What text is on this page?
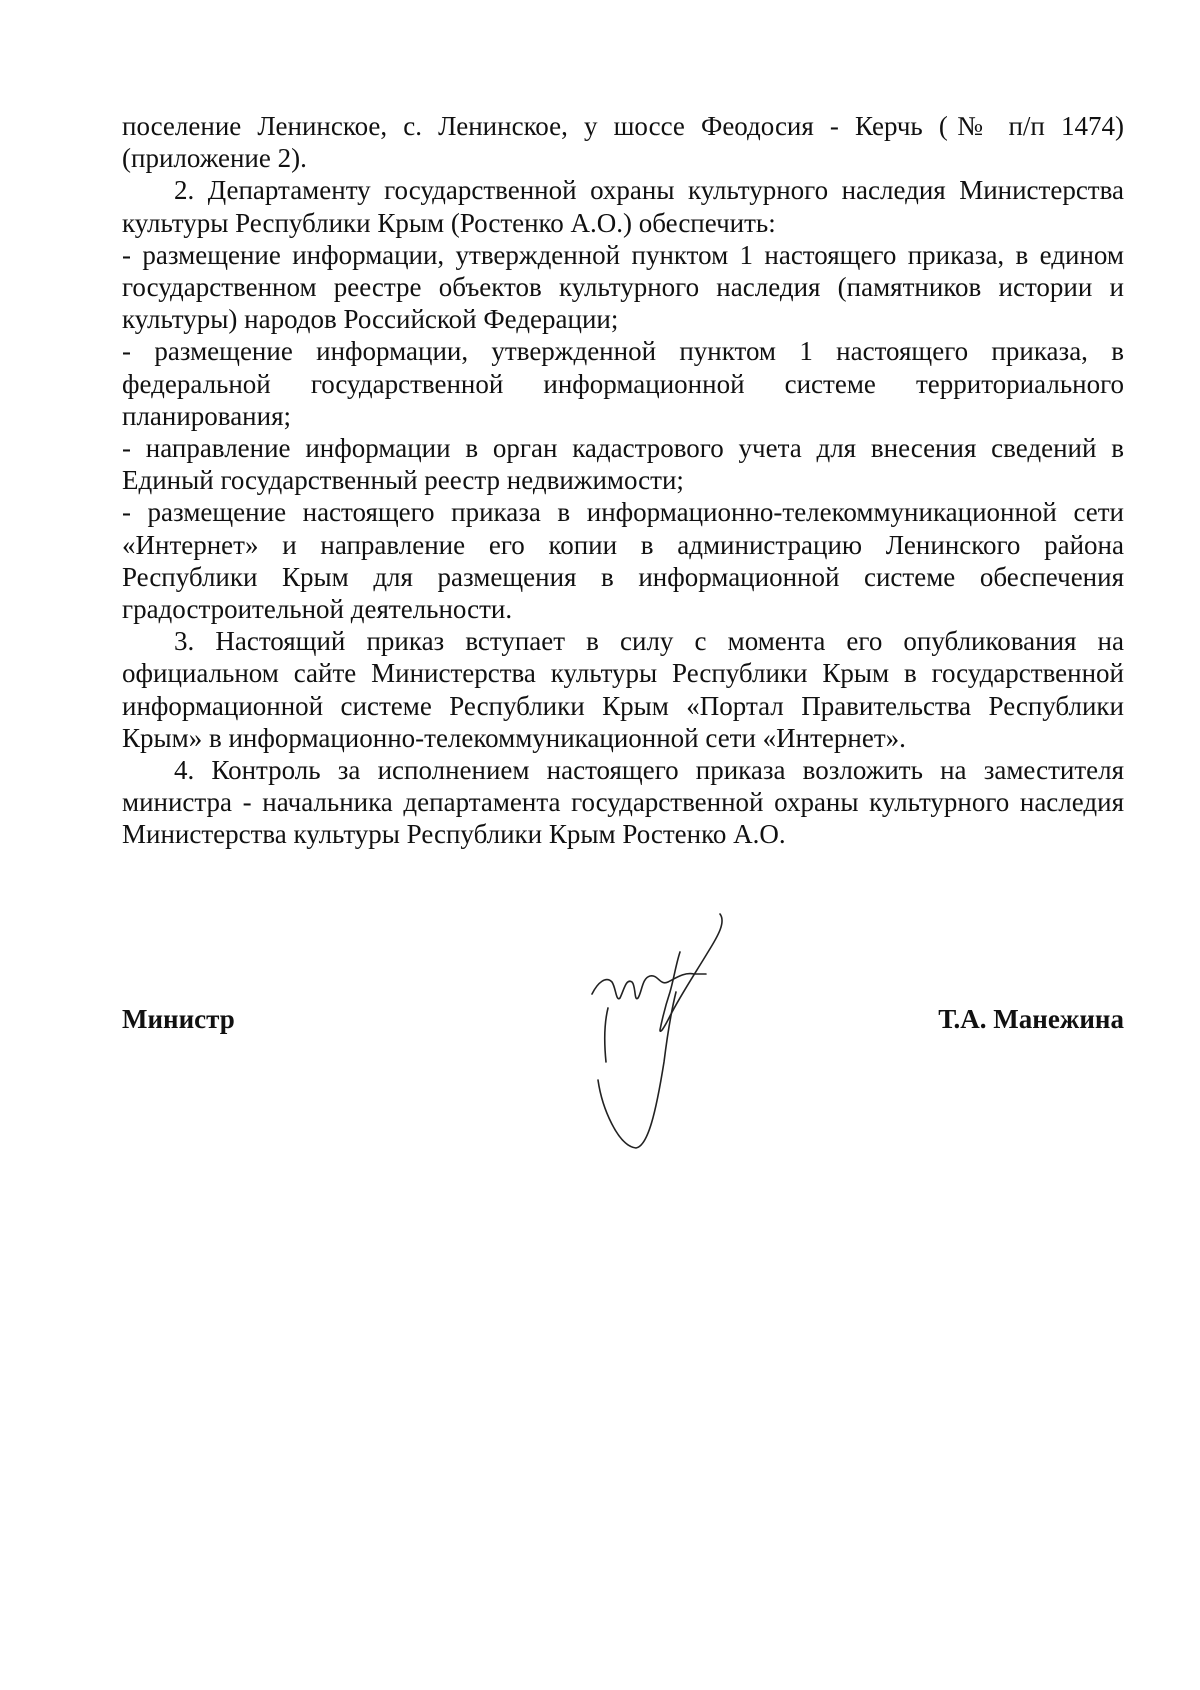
поселение Ленинское, с. Ленинское, у шоссе Феодосия - Керчь (№ п/п 1474) (приложение 2).

2. Департаменту государственной охраны культурного наследия Министерства культуры Республики Крым (Ростенко А.О.) обеспечить:

- размещение информации, утвержденной пунктом 1 настоящего приказа, в едином государственном реестре объектов культурного наследия (памятников истории и культуры) народов Российской Федерации;

- размещение информации, утвержденной пунктом 1 настоящего приказа, в федеральной государственной информационной системе территориального планирования;

- направление информации в орган кадастрового учета для внесения сведений в Единый государственный реестр недвижимости;

- размещение настоящего приказа в информационно-телекоммуникационной сети «Интернет» и направление его копии в администрацию Ленинского района Республики Крым для размещения в информационной системе обеспечения градостроительной деятельности.

3. Настоящий приказ вступает в силу с момента его опубликования на официальном сайте Министерства культуры Республики Крым в государственной информационной системе Республики Крым «Портал Правительства Республики Крым» в информационно-телекоммуникационной сети «Интернет».

4. Контроль за исполнением настоящего приказа возложить на заместителя министра - начальника департамента государственной охраны культурного наследия Министерства культуры Республики Крым Ростенко А.О.

Министр	Т.А. Манежина
